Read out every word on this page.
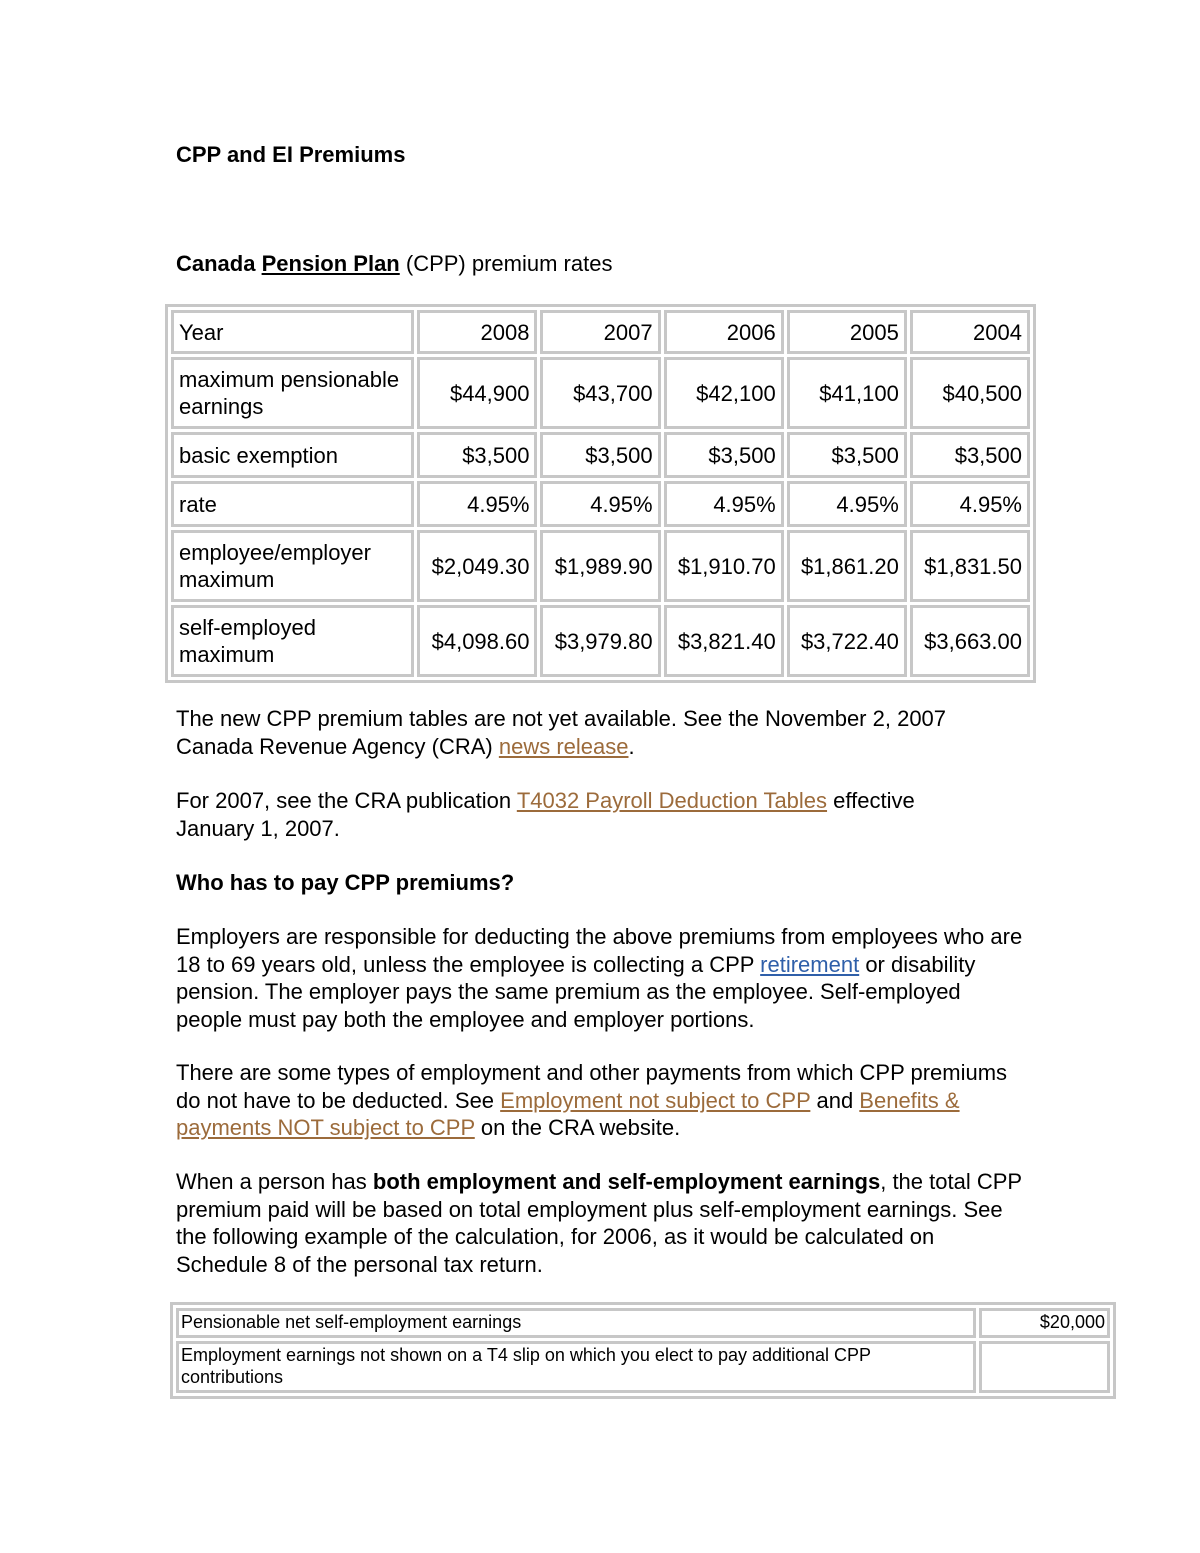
CPP and EI Premiums
Canada Pension Plan (CPP) premium rates
Year	2008	2007	2006	2005	2004
maximum pensionable earnings	$44,900	$43,700	$42,100	$41,100	$40,500
basic exemption	$3,500	$3,500	$3,500	$3,500	$3,500
rate	4.95%	4.95%	4.95%	4.95%	4.95%
employee/employer maximum	$2,049.30	$1,989.90	$1,910.70	$1,861.20	$1,831.50
self-employed maximum	$4,098.60	$3,979.80	$3,821.40	$3,722.40	$3,663.00

The new CPP premium tables are not yet available. See the November 2, 2007 Canada Revenue Agency (CRA) news release.

For 2007, see the CRA publication T4032 Payroll Deduction Tables effective January 1, 2007.

Who has to pay CPP premiums?

Employers are responsible for deducting the above premiums from employees who are 18 to 69 years old, unless the employee is collecting a CPP retirement or disability pension. The employer pays the same premium as the employee. Self-employed people must pay both the employee and employer portions.

There are some types of employment and other payments from which CPP premiums do not have to be deducted. See Employment not subject to CPP and Benefits & payments NOT subject to CPP on the CRA website.

When a person has both employment and self-employment earnings, the total CPP premium paid will be based on total employment plus self-employment earnings. See the following example of the calculation, for 2006, as it would be calculated on Schedule 8 of the personal tax return.

Pensionable net self-employment earnings	$20,000
Employment earnings not shown on a T4 slip on which you elect to pay additional CPP contributions	
